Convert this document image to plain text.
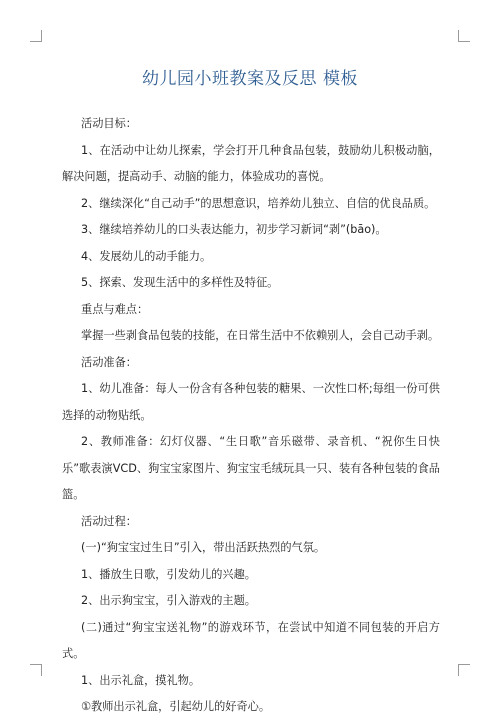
幼儿园小班教案及反思 模板

活动目标：

1、在活动中让幼儿探索，学会打开几种食品包装，鼓励幼儿积极动脑，解决问题，提高动手、动脑的能力，体验成功的喜悦。

2、继续深化“自己动手”的思想意识，培养幼儿独立、自信的优良品质。

3、继续培养幼儿的口头表达能力，初步学习新词“剥”(bāo)。

4、发展幼儿的动手能力。

5、探索、发现生活中的多样性及特征。

重点与难点：

掌握一些剥食品包装的技能，在日常生活中不依赖别人，会自己动手剥。

活动准备：

1、幼儿准备：每人一份含有各种包装的糖果、一次性口杯;每组一份可供选择的动物贴纸。

2、教师准备：幻灯仪器、“生日歌”音乐磁带、录音机、“祝你生日快乐”歌表演VCD、狗宝宝家图片、狗宝宝毛绒玩具一只、装有各种包装的食品篮。

活动过程：

(一)“狗宝宝过生日”引入，带出活跃热烈的气氛。

1、播放生日歌，引发幼儿的兴趣。

2、出示狗宝宝，引入游戏的主题。

(二)通过“狗宝宝送礼物”的游戏环节，在尝试中知道不同包装的开启方式。

1、出示礼盒，摸礼物。

①教师出示礼盒，引起幼儿的好奇心。
